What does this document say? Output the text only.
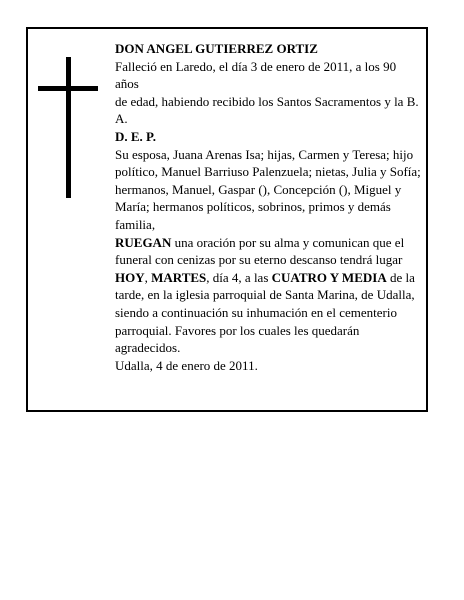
DON ANGEL GUTIERREZ ORTIZ

Falleció en Laredo, el día 3 de enero de 2011, a los 90 años

de edad, habiendo recibido los Santos Sacramentos y la B. A.

D. E. P.

Su esposa, Juana Arenas Isa; hijas, Carmen y Teresa; hijo político, Manuel Barriuso Palenzuela; nietas, Julia y Sofía; hermanos, Manuel, Gaspar (), Concepción (), Miguel y María; hermanos políticos, sobrinos, primos y demás familia,

RUEGAN una oración por su alma y comunican que el funeral con cenizas por su eterno descanso tendrá lugar HOY, MARTES, día 4, a las CUATRO Y MEDIA de la tarde, en la iglesia parroquial de Santa Marina, de Udalla, siendo a continuación su inhumación en el cementerio parroquial. Favores por los cuales les quedarán agradecidos.

Udalla, 4 de enero de 2011.
